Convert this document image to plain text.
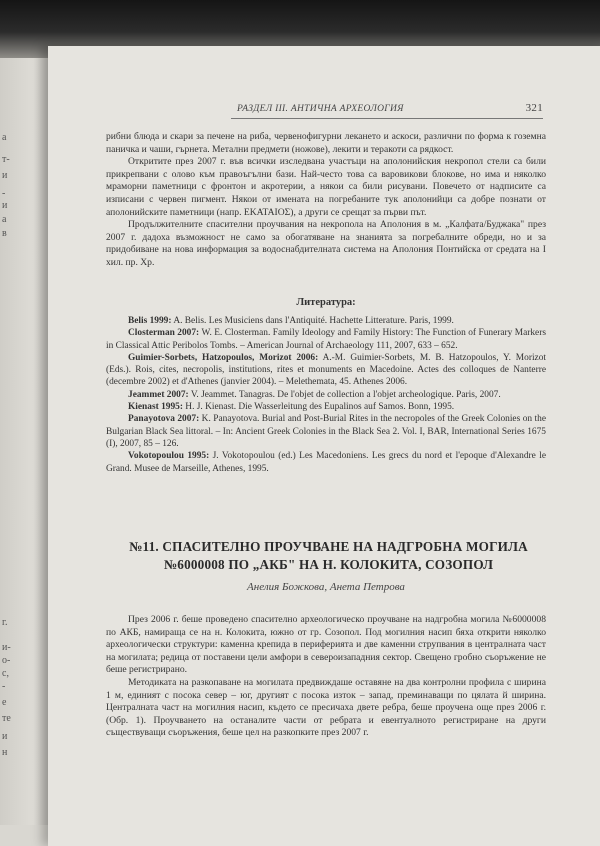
а
т-
и
-
и
а
в
г.
и-
о-
с,
-
е
те
и
н
РАЗДЕЛ III. АНТИЧНА АРХЕОЛОГИЯ	321

рибни блюда и скари за печене на риба, червенофигурни лекането и аскоси, различни по форма к гоземна паничка и чаши, гърнета. Метални предмети (ножове), лекити и теракоти са рядкост.

Откритите през 2007 г. във всички изследвана участъци на аполонийския некропол стели са били прикрепвани с олово към правоъгълни бази. Най-често това са варовикови блокове, но има и няколко мраморни паметници с фронтон и акротерии, а някои са били рисувани. Повечето от надписите са изписани с червен пигмент. Някои от имената на погребаните тук аполонийци са добре познати от аполонийските паметници (напр. ΕΚΑΤΑΙΟΣ), а други се срещат за първи път.

Продължителните спасителни проучвания на некропола на Аполония в м. „Калфата/Буджака" през 2007 г. дадоха възможност не само за обогатяване на знанията за погребалните обреди, но и за придобиване на нова информация за водоснабдителната система на Аполония Понтийска от средата на I хил. пр. Хр.

Литература:

Belis 1999: A. Belis. Les Musiciens dans l'Antiquité. Hachette Litterature. Paris, 1999.

Closterman 2007: W. E. Closterman. Family Ideology and Family History: The Function of Funerary Markers in Classical Attic Peribolos Tombs. – American Journal of Archaeology 111, 2007, 633 – 652.

Guimier-Sorbets, Hatzopoulos, Morizot 2006: A.-M. Guimier-Sorbets, M. B. Hatzopoulos, Y. Morizot (Eds.). Rois, cites, necropolis, institutions, rites et monuments en Macedoine. Actes des colloques de Nanterre (decembre 2002) et d'Athenes (janvier 2004). – Melethemata, 45. Athenes 2006.

Jeammet 2007: V. Jeammet. Tanagras. De l'objet de collection a l'objet archeologique. Paris, 2007.

Kienast 1995: H. J. Kienast. Die Wasserleitung des Eupalinos auf Samos. Bonn, 1995.

Panayotova 2007: K. Panayotova. Burial and Post-Burial Rites in the necropoles of the Greek Colonies on the Bulgarian Black Sea littoral. – In: Ancient Greek Colonies in the Black Sea 2. Vol. I, BAR, International Series 1675 (I), 2007, 85 – 126.

Vokotopoulou 1995: J. Vokotopoulou (ed.) Les Macedoniens. Les grecs du nord et l'epoque d'Alexandre le Grand. Musee de Marseille, Athenes, 1995.

№11. СПАСИТЕЛНО ПРОУЧВАНЕ НА НАДГРОБНА МОГИЛА
№6000008 ПО „АКБ" НА Н. КОЛОКИТА, СОЗОПОЛ
Анелия Божкова, Анета Петрова

През 2006 г. беше проведено спасително археологическо проучване на надгробна могила №6000008 по АКБ, намираща се на н. Колокита, южно от гр. Созопол. Под могилния насип бяха открити няколко археологически структури: каменна крепида в периферията и две каменни струпвания в централната част на могилата; редица от поставени цели амфори в североизападния сектор. Свещено гробно съоръжение не беше регистрирано.

Методиката на разкопаване на могилата предвиждаше оставяне на два контролни профила с ширина 1 м, единият с посока север – юг, другият с посока изток – запад, преминаващи по цялата й ширина. Централната част на могилния насип, където се пресичаха двете ребра, беше проучена още през 2006 г. (Обр. 1). Проучването на останалите части от ребрата и евентуалното регистриране на други съществуващи съоръжения, беше цел на разкопките през 2007 г.
